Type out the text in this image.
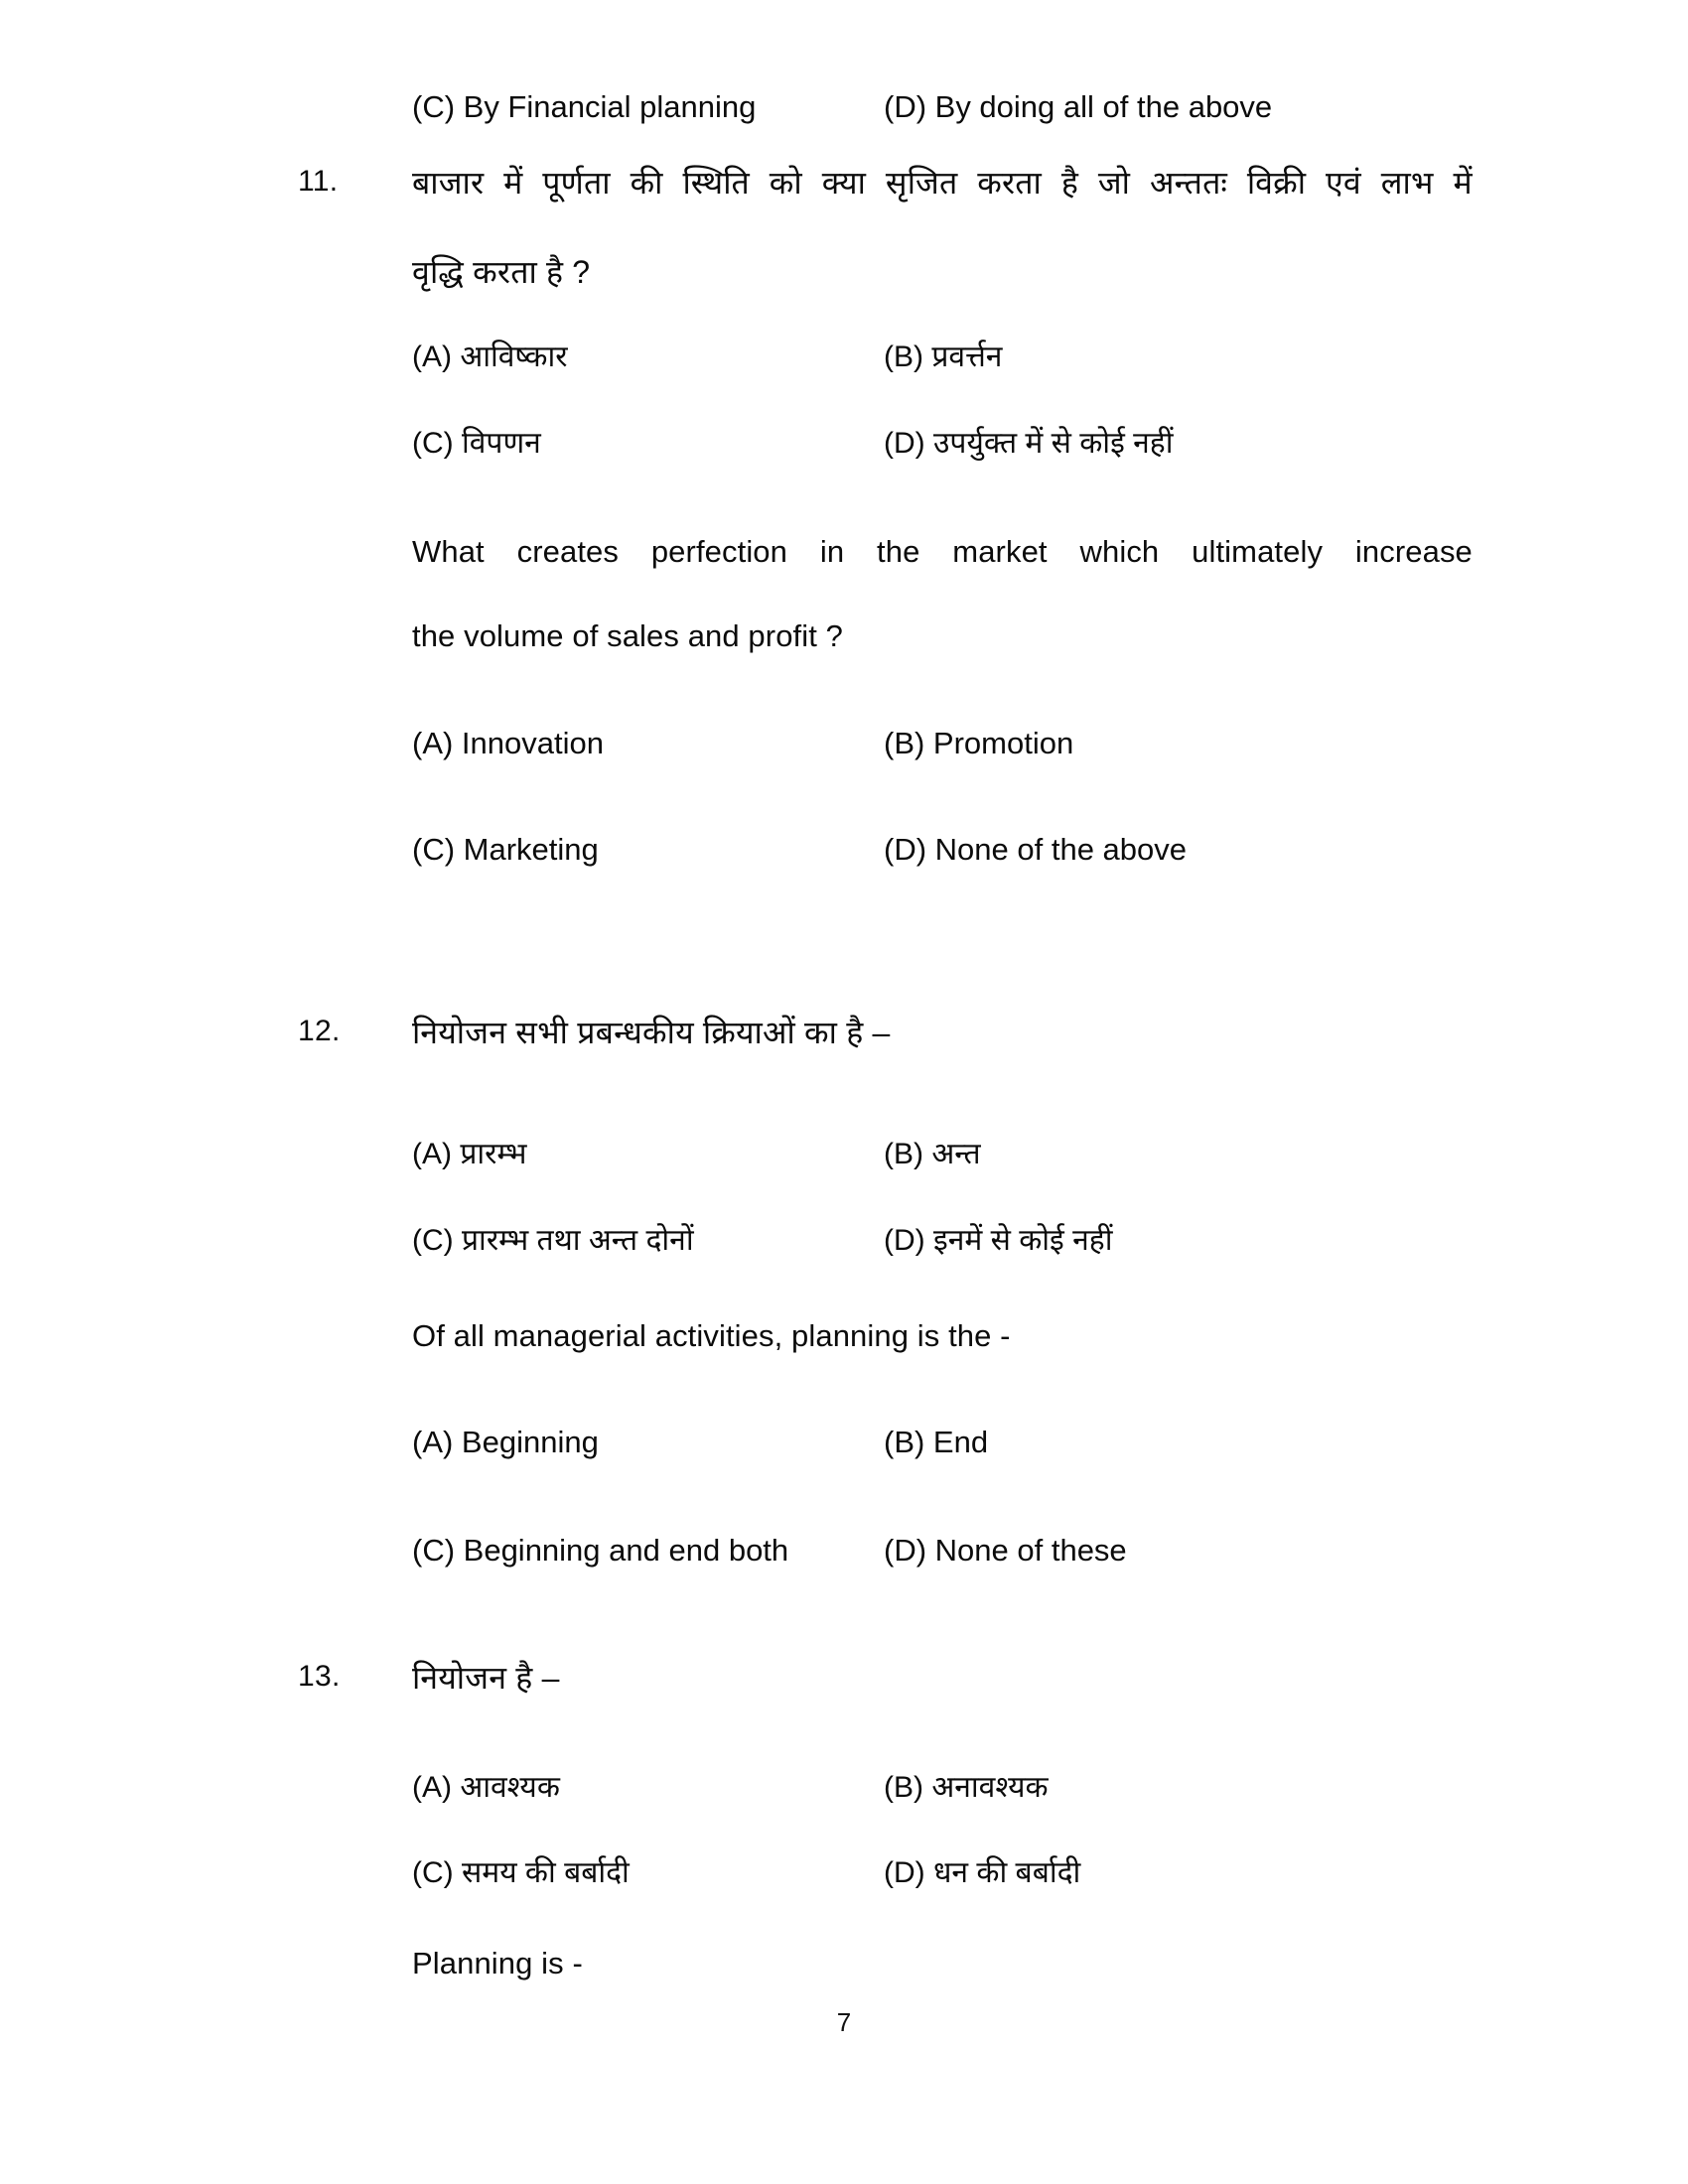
(C) By Financial planning	(D) By doing all of the above
11.	बाजार में पूर्णता की स्थिति को क्या सृजित करता है जो अन्ततः विक्री एवं लाभ में
वृद्धि करता है ?
(A) आविष्कार	(B) प्रवर्त्तन
(C) विपणन	(D) उपर्युक्त में से कोई नहीं
What creates perfection in the market which ultimately increase
the volume of sales and profit ?
(A) Innovation	(B) Promotion
(C) Marketing	(D) None of the above
12.	नियोजन सभी प्रबन्धकीय क्रियाओं का है –
(A) प्रारम्भ	(B) अन्त
(C) प्रारम्भ तथा अन्त दोनों	(D) इनमें से कोई नहीं
Of all managerial activities, planning is the -
(A) Beginning	(B) End
(C) Beginning and end both	(D) None of these
13.	नियोजन है –
(A) आवश्यक	(B) अनावश्यक
(C) समय की बर्बादी	(D) धन की बर्बादी
Planning is -
7
